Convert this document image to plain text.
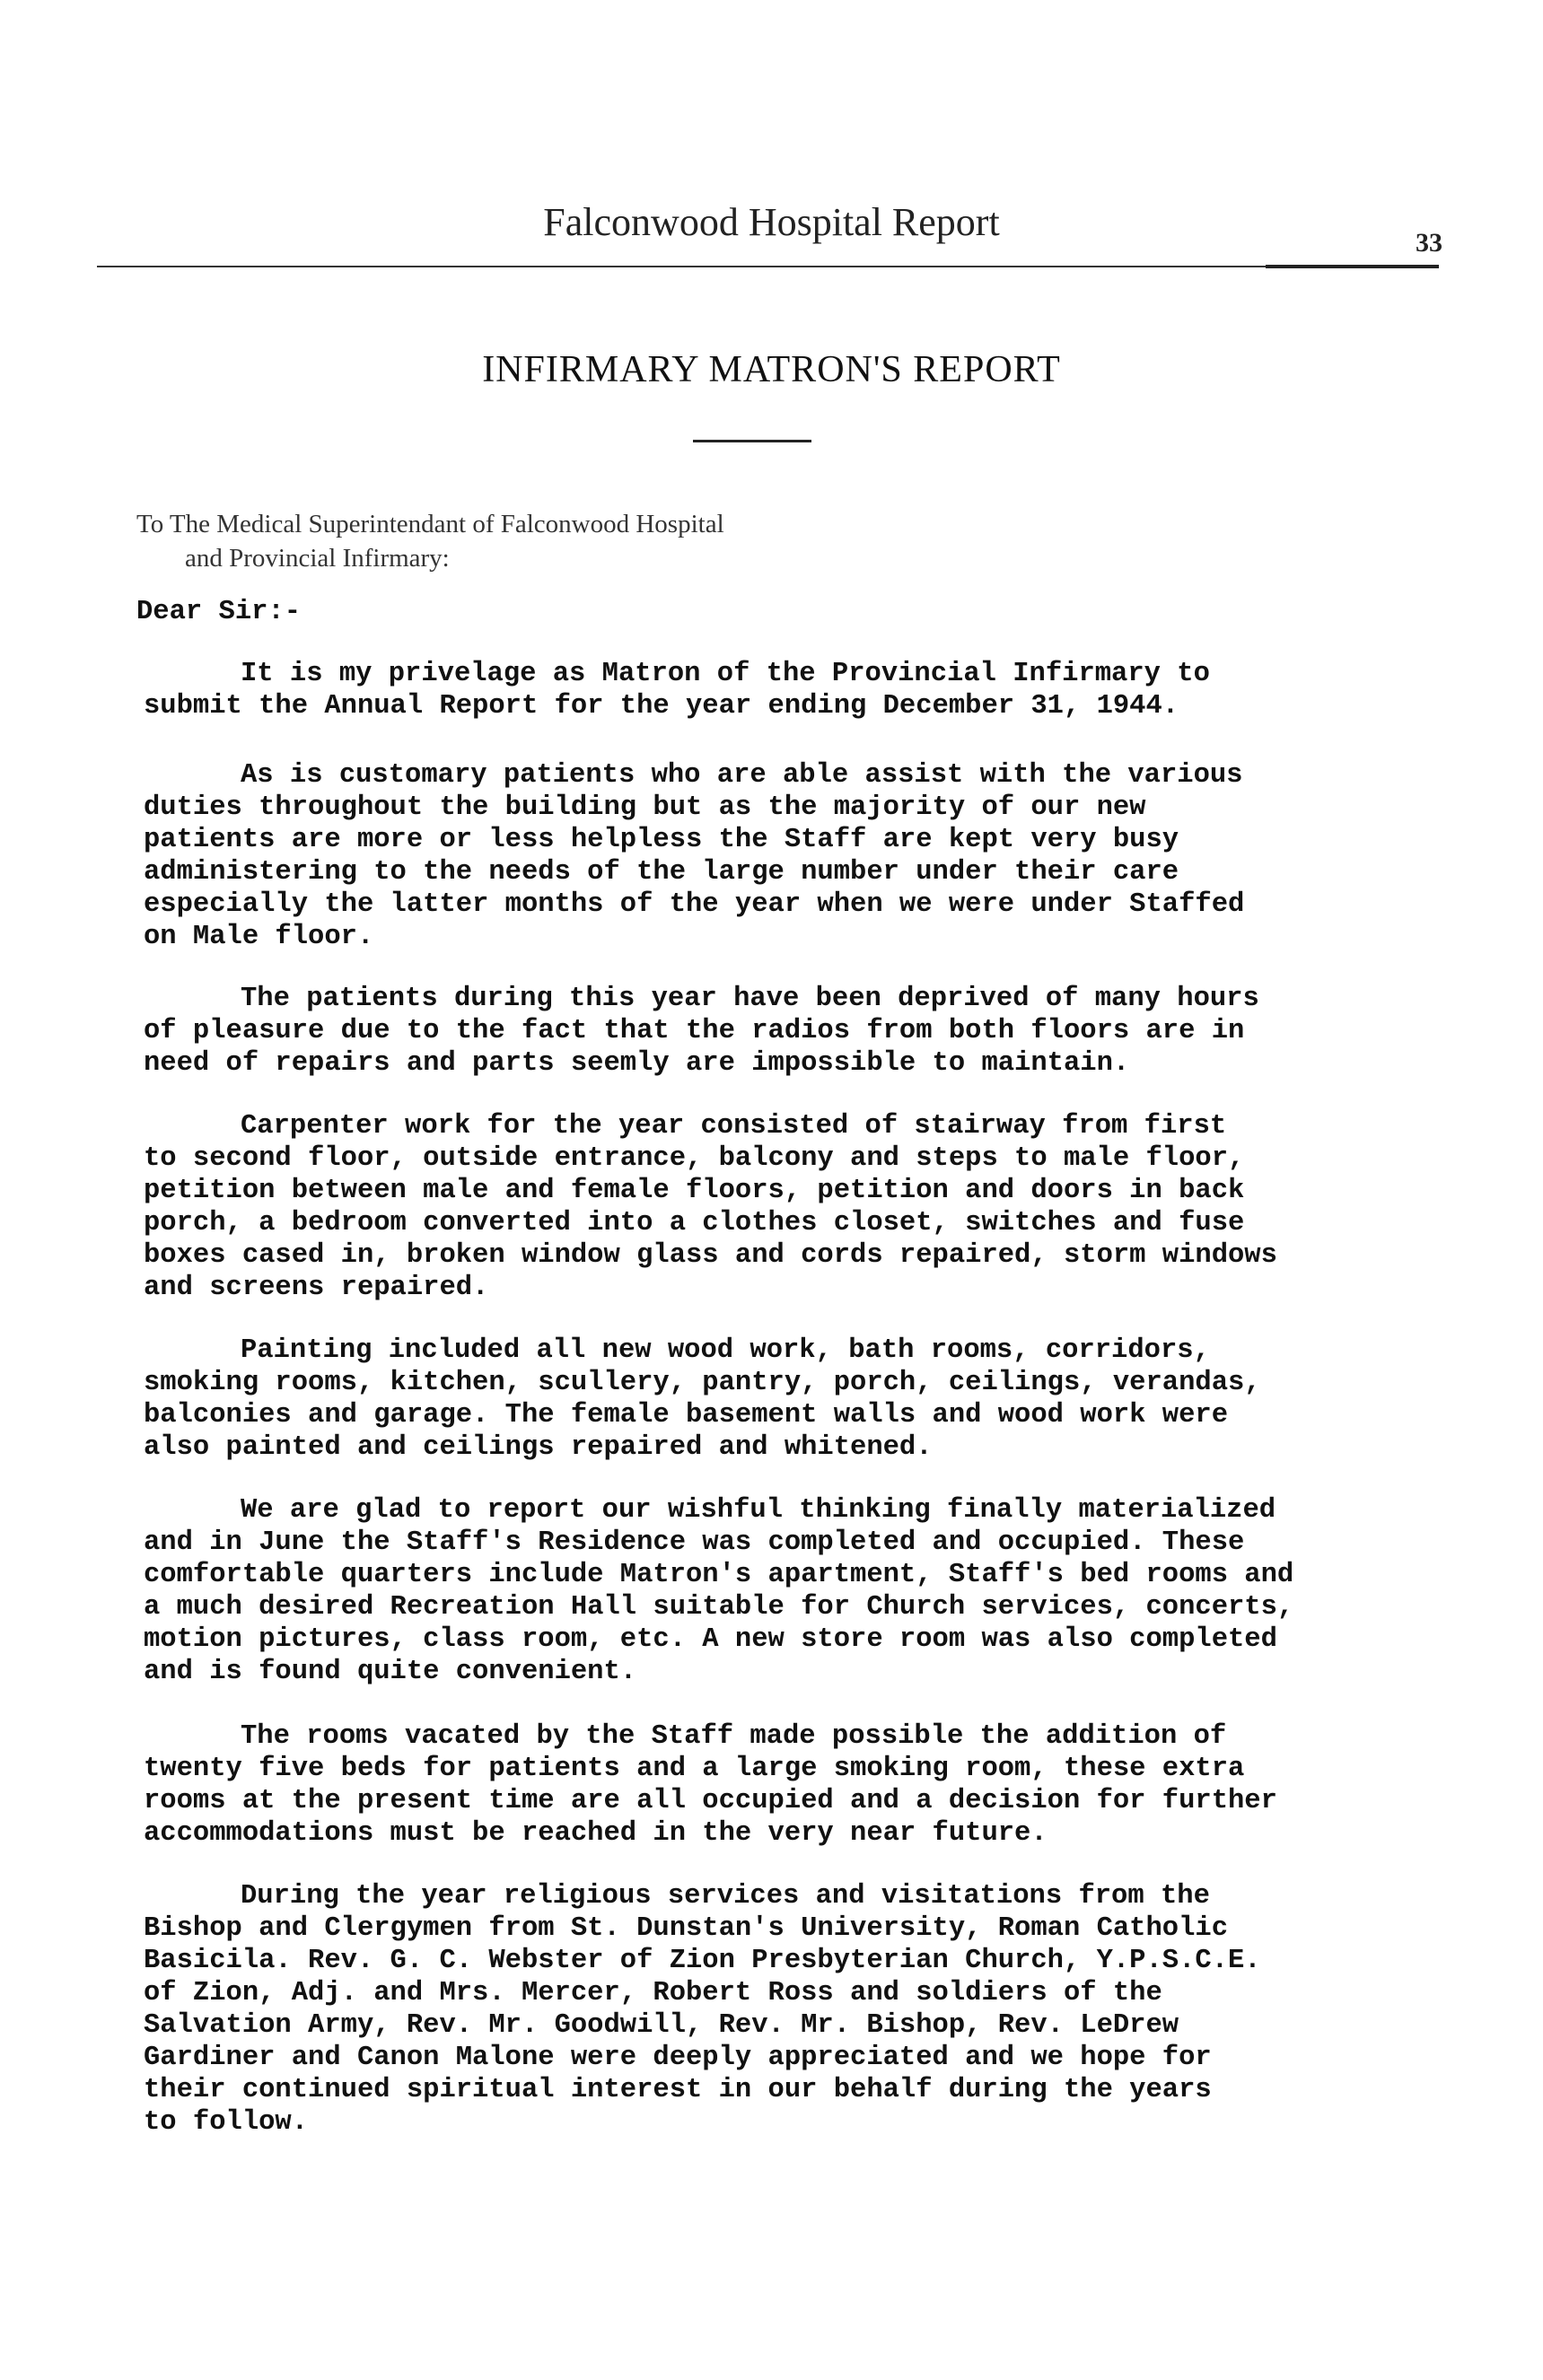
Falconwood Hospital Report	33
INFIRMARY MATRON'S REPORT
To The Medical Superintendant of Falconwood Hospital
and Provincial Infirmary:
Dear Sir:-
It is my privelage as Matron of the Provincial Infirmary to
submit the Annual Report for the year ending December 31, 1944.
As is customary patients who are able assist with the various
duties throughout the building but as the majority of our new
patients are more or less helpless the Staff are kept very busy
administering to the needs of the large number under their care
especially the latter months of the year when we were under Staffed
on Male floor.
The patients during this year have been deprived of many hours
of pleasure due to the fact that the radios from both floors are in
need of repairs and parts seemly are impossible to maintain.
Carpenter work for the year consisted of stairway from first
to second floor, outside entrance, balcony and steps to male floor,
petition between male and female floors, petition and doors in back
porch, a bedroom converted into a clothes closet, switches and fuse
boxes cased in, broken window glass and cords repaired, storm windows
and screens repaired.
Painting included all new wood work, bath rooms, corridors,
smoking rooms, kitchen, scullery, pantry, porch, ceilings, verandas,
balconies and garage. The female basement walls and wood work were
also painted and ceilings repaired and whitened.
We are glad to report our wishful thinking finally materialized
and in June the Staff's Residence was completed and occupied. These
comfortable quarters include Matron's apartment, Staff's bed rooms and
a much desired Recreation Hall suitable for Church services, concerts,
motion pictures, class room, etc. A new store room was also completed
and is found quite convenient.
The rooms vacated by the Staff made possible the addition of
twenty five beds for patients and a large smoking room, these extra
rooms at the present time are all occupied and a decision for further
accommodations must be reached in the very near future.
During the year religious services and visitations from the
Bishop and Clergymen from St. Dunstan's University, Roman Catholic
Basicila. Rev. G. C. Webster of Zion Presbyterian Church, Y.P.S.C.E.
of Zion, Adj. and Mrs. Mercer, Robert Ross and soldiers of the
Salvation Army, Rev. Mr. Goodwill, Rev. Mr. Bishop, Rev. LeDrew
Gardiner and Canon Malone were deeply appreciated and we hope for
their continued spiritual interest in our behalf during the years
to follow.
